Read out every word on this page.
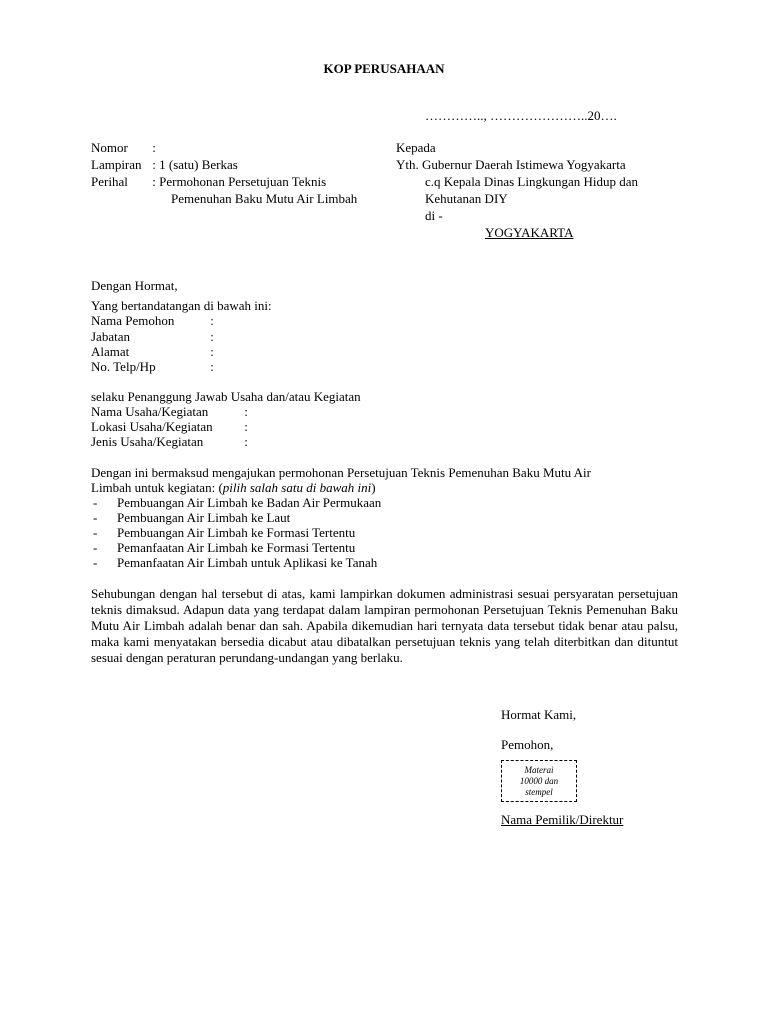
KOP PERUSAHAAN
………….., …………………..20….
Nomor :
Lampiran : 1 (satu) Berkas
Perihal : Permohonan Persetujuan Teknis
Pemenuhan Baku Mutu Air Limbah
Kepada
Yth. Gubernur Daerah Istimewa Yogyakarta
c.q Kepala Dinas Lingkungan Hidup dan
Kehutanan DIY
di -
YOGYAKARTA
Dengan Hormat,
Yang bertandatangan di bawah ini:
Nama Pemohon	:
Jabatan	:
Alamat	:
No. Telp/Hp	:
selaku Penanggung Jawab Usaha dan/atau Kegiatan
Nama Usaha/Kegiatan	:
Lokasi Usaha/Kegiatan :
Jenis Usaha/Kegiatan	:
Dengan ini bermaksud mengajukan permohonan Persetujuan Teknis Pemenuhan Baku Mutu Air
Limbah untuk kegiatan: (pilih salah satu di bawah ini)
- Pembuangan Air Limbah ke Badan Air Permukaan
- Pembuangan Air Limbah ke Laut
- Pembuangan Air Limbah ke Formasi Tertentu
- Pemanfaatan Air Limbah ke Formasi Tertentu
- Pemanfaatan Air Limbah untuk Aplikasi ke Tanah
Sehubungan dengan hal tersebut di atas, kami lampirkan dokumen administrasi sesuai persyaratan persetujuan teknis dimaksud. Adapun data yang terdapat dalam lampiran permohonan Persetujuan Teknis Pemenuhan Baku Mutu Air Limbah adalah benar dan sah. Apabila dikemudian hari ternyata data tersebut tidak benar atau palsu, maka kami menyatakan bersedia dicabut atau dibatalkan persetujuan teknis yang telah diterbitkan dan dituntut sesuai dengan peraturan perundang-undangan yang berlaku.
Hormat Kami,
Pemohon,
Materai
10000 dan
stempel
Nama Pemilik/Direktur
